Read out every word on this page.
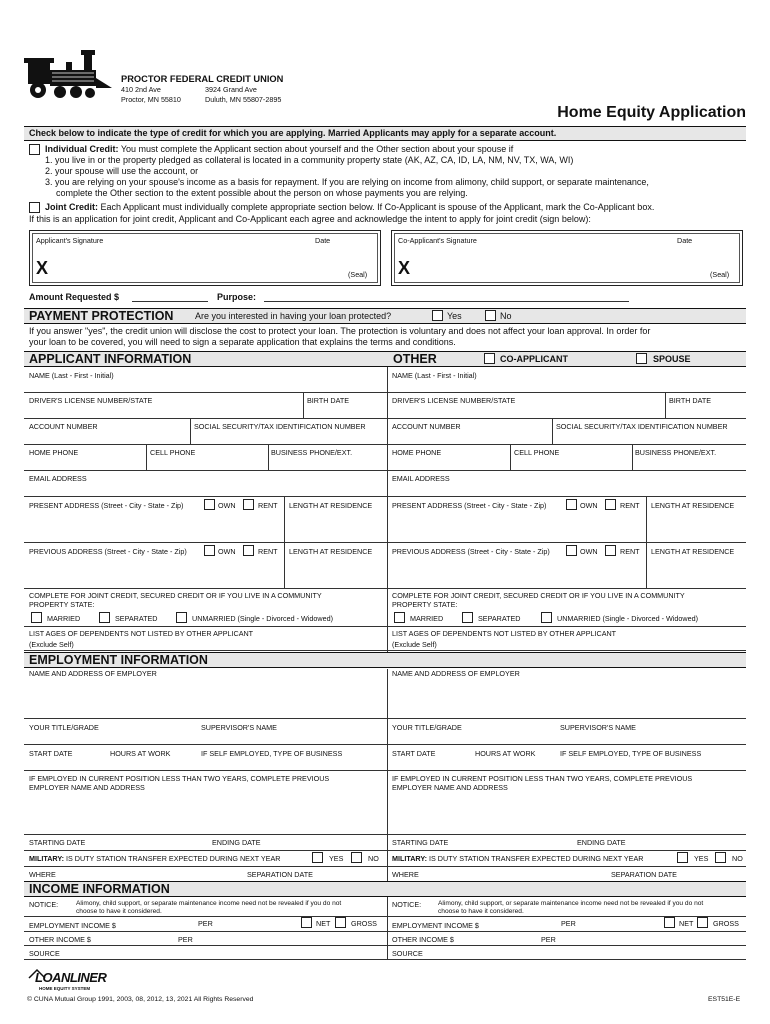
PROCTOR FEDERAL CREDIT UNION
410 2nd Ave
Proctor, MN 55810
3924 Grand Ave
Duluth, MN 55807-2895
Home Equity Application
Check below to indicate the type of credit for which you are applying. Married Applicants may apply for a separate account.
Individual Credit: You must complete the Applicant section about yourself and the Other section about your spouse if
1. you live in or the property pledged as collateral is located in a community property state (AK, AZ, CA, ID, LA, NM, NV, TX, WA, WI)
2. your spouse will use the account, or
3. you are relying on your spouse's income as a basis for repayment. If you are relying on income from alimony, child support, or separate maintenance,
complete the Other section to the extent possible about the person on whose payments you are relying.
Joint Credit: Each Applicant must individually complete appropriate section below. If Co-Applicant is spouse of the Applicant, mark the Co-Applicant box.
If this is an application for joint credit, Applicant and Co-Applicant each agree and acknowledge the intent to apply for joint credit (sign below):
Applicant's Signature	Date
X	(Seal)
Co-Applicant's Signature	Date
X	(Seal)
Amount Requested $	Purpose:
PAYMENT PROTECTION Are you interested in having your loan protected?	Yes	No
If you answer "yes", the credit union will disclose the cost to protect your loan. The protection is voluntary and does not affect your loan approval. In order for
your loan to be covered, you will need to sign a separate application that explains the terms and conditions.
APPLICANT INFORMATION	OTHER	CO-APPLICANT	SPOUSE
NAME (Last - First - Initial)
DRIVER'S LICENSE NUMBER/STATE	BIRTH DATE
ACCOUNT NUMBER	SOCIAL SECURITY/TAX IDENTIFICATION NUMBER
HOME PHONE	CELL PHONE	BUSINESS PHONE/EXT.
EMAIL ADDRESS
PRESENT ADDRESS (Street - City - State - Zip)	OWN	RENT LENGTH AT RESIDENCE
PREVIOUS ADDRESS (Street - City - State - Zip)	OWN	RENT LENGTH AT RESIDENCE
COMPLETE FOR JOINT CREDIT, SECURED CREDIT OR IF YOU LIVE IN A COMMUNITY
PROPERTY STATE:
MARRIED	SEPARATED	UNMARRIED (Single - Divorced - Widowed)
LIST AGES OF DEPENDENTS NOT LISTED BY OTHER APPLICANT
(Exclude Self)
NAME (Last - First - Initial)
DRIVER'S LICENSE NUMBER/STATE	BIRTH DATE
ACCOUNT NUMBER	SOCIAL SECURITY/TAX IDENTIFICATION NUMBER
HOME PHONE	CELL PHONE	BUSINESS PHONE/EXT.
EMAIL ADDRESS
PRESENT ADDRESS (Street - City - State - Zip)	OWN	RENT LENGTH AT RESIDENCE
PREVIOUS ADDRESS (Street - City - State - Zip)	OWN	RENT LENGTH AT RESIDENCE
COMPLETE FOR JOINT CREDIT, SECURED CREDIT OR IF YOU LIVE IN A COMMUNITY
PROPERTY STATE:
MARRIED	SEPARATED	UNMARRIED (Single - Divorced - Widowed)
LIST AGES OF DEPENDENTS NOT LISTED BY OTHER APPLICANT
(Exclude Self)
EMPLOYMENT INFORMATION
NAME AND ADDRESS OF EMPLOYER
YOUR TITLE/GRADE	SUPERVISOR'S NAME
START DATE	HOURS AT WORK	IF SELF EMPLOYED, TYPE OF BUSINESS
IF EMPLOYED IN CURRENT POSITION LESS THAN TWO YEARS, COMPLETE PREVIOUS
EMPLOYER NAME AND ADDRESS
STARTING DATE	ENDING DATE
MILITARY: IS DUTY STATION TRANSFER EXPECTED DURING NEXT YEAR	YES	NO
WHERE	SEPARATION DATE
NAME AND ADDRESS OF EMPLOYER
YOUR TITLE/GRADE	SUPERVISOR'S NAME
START DATE	HOURS AT WORK	IF SELF EMPLOYED, TYPE OF BUSINESS
IF EMPLOYED IN CURRENT POSITION LESS THAN TWO YEARS, COMPLETE PREVIOUS
EMPLOYER NAME AND ADDRESS
STARTING DATE	ENDING DATE
MILITARY: IS DUTY STATION TRANSFER EXPECTED DURING NEXT YEAR	YES	NO
WHERE	SEPARATION DATE
INCOME INFORMATION
NOTICE:	Alimony, child support, or separate maintenance income need not be revealed if you do not
choose to have it considered.
EMPLOYMENT INCOME $	PER	NET	GROSS
OTHER INCOME $	PER
SOURCE
NOTICE:	Alimony, child support, or separate maintenance income need not be revealed if you do not
choose to have it considered.
EMPLOYMENT INCOME $	PER	NET	GROSS
OTHER INCOME $	PER
SOURCE
LOANLINER
HOME EQUITY SYSTEM
© CUNA Mutual Group 1991, 2003, 08, 2012, 13, 2021 All Rights Reserved	EST51E-E
